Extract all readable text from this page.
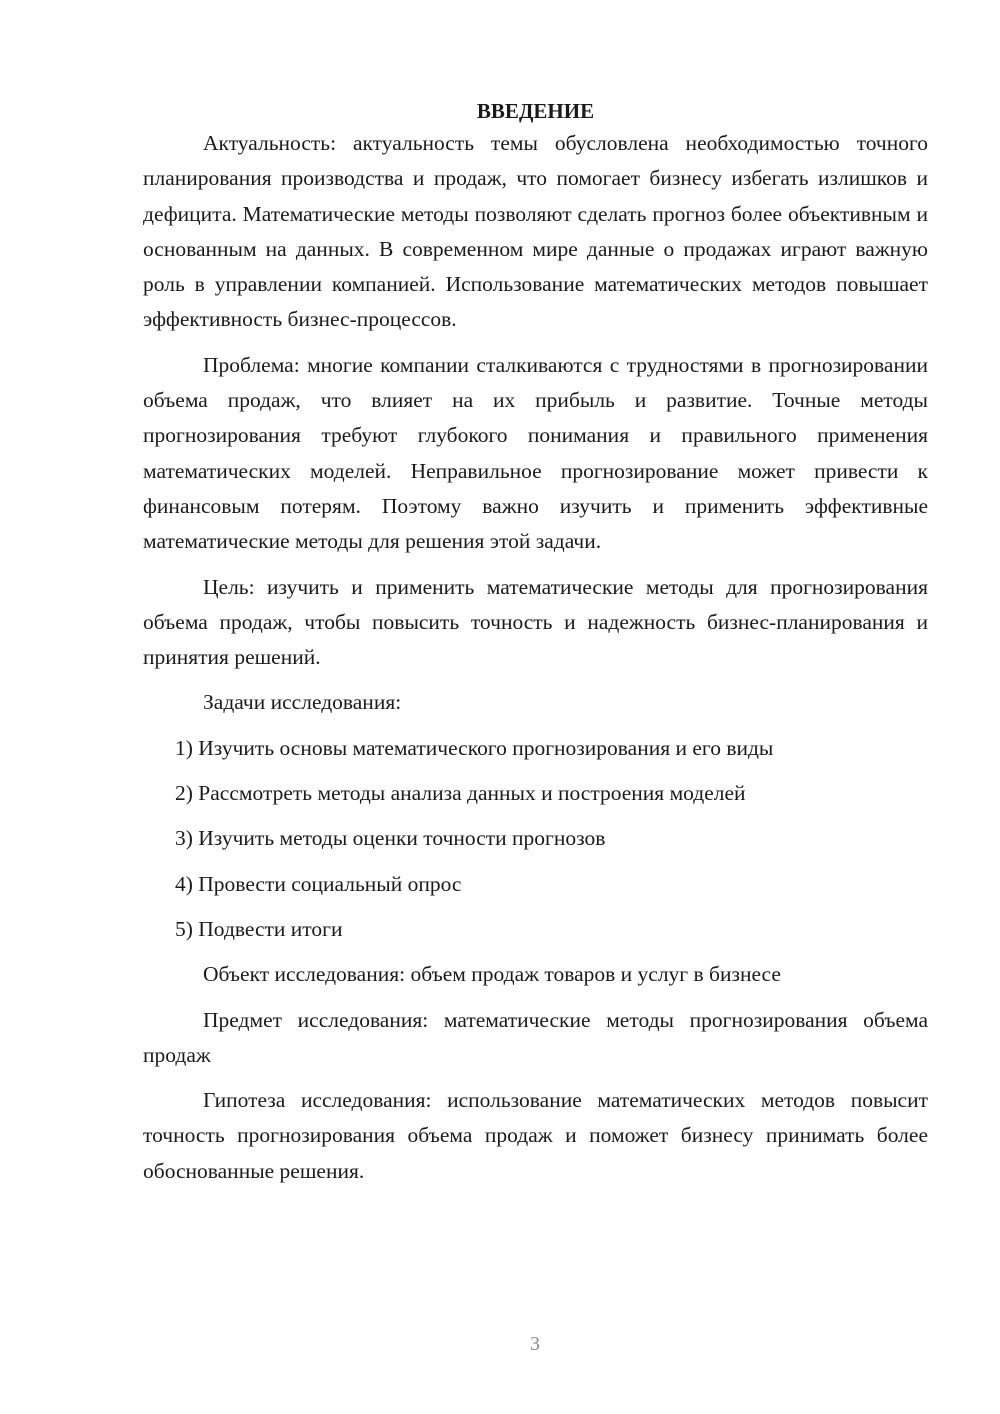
ВВЕДЕНИЕ

Актуальность: актуальность темы обусловлена необходимостью точного планирования производства и продаж, что помогает бизнесу избегать излишков и дефицита. Математические методы позволяют сделать прогноз более объективным и основанным на данных. В современном мире данные о продажах играют важную роль в управлении компанией. Использование математических методов повышает эффективность бизнес-процессов.

Проблема: многие компании сталкиваются с трудностями в прогнозировании объема продаж, что влияет на их прибыль и развитие. Точные методы прогнозирования требуют глубокого понимания и правильного применения математических моделей. Неправильное прогнозирование может привести к финансовым потерям. Поэтому важно изучить и применить эффективные математические методы для решения этой задачи.

Цель: изучить и применить математические методы для прогнозирования объема продаж, чтобы повысить точность и надежность бизнес-планирования и принятия решений.

Задачи исследования:

1) Изучить основы математического прогнозирования и его виды
2) Рассмотреть методы анализа данных и построения моделей
3) Изучить методы оценки точности прогнозов
4) Провести социальный опрос
5) Подвести итоги

Объект исследования: объем продаж товаров и услуг в бизнесе

Предмет исследования: математические методы прогнозирования объема продаж

Гипотеза исследования: использование математических методов повысит точность прогнозирования объема продаж и поможет бизнесу принимать более обоснованные решения.

3
